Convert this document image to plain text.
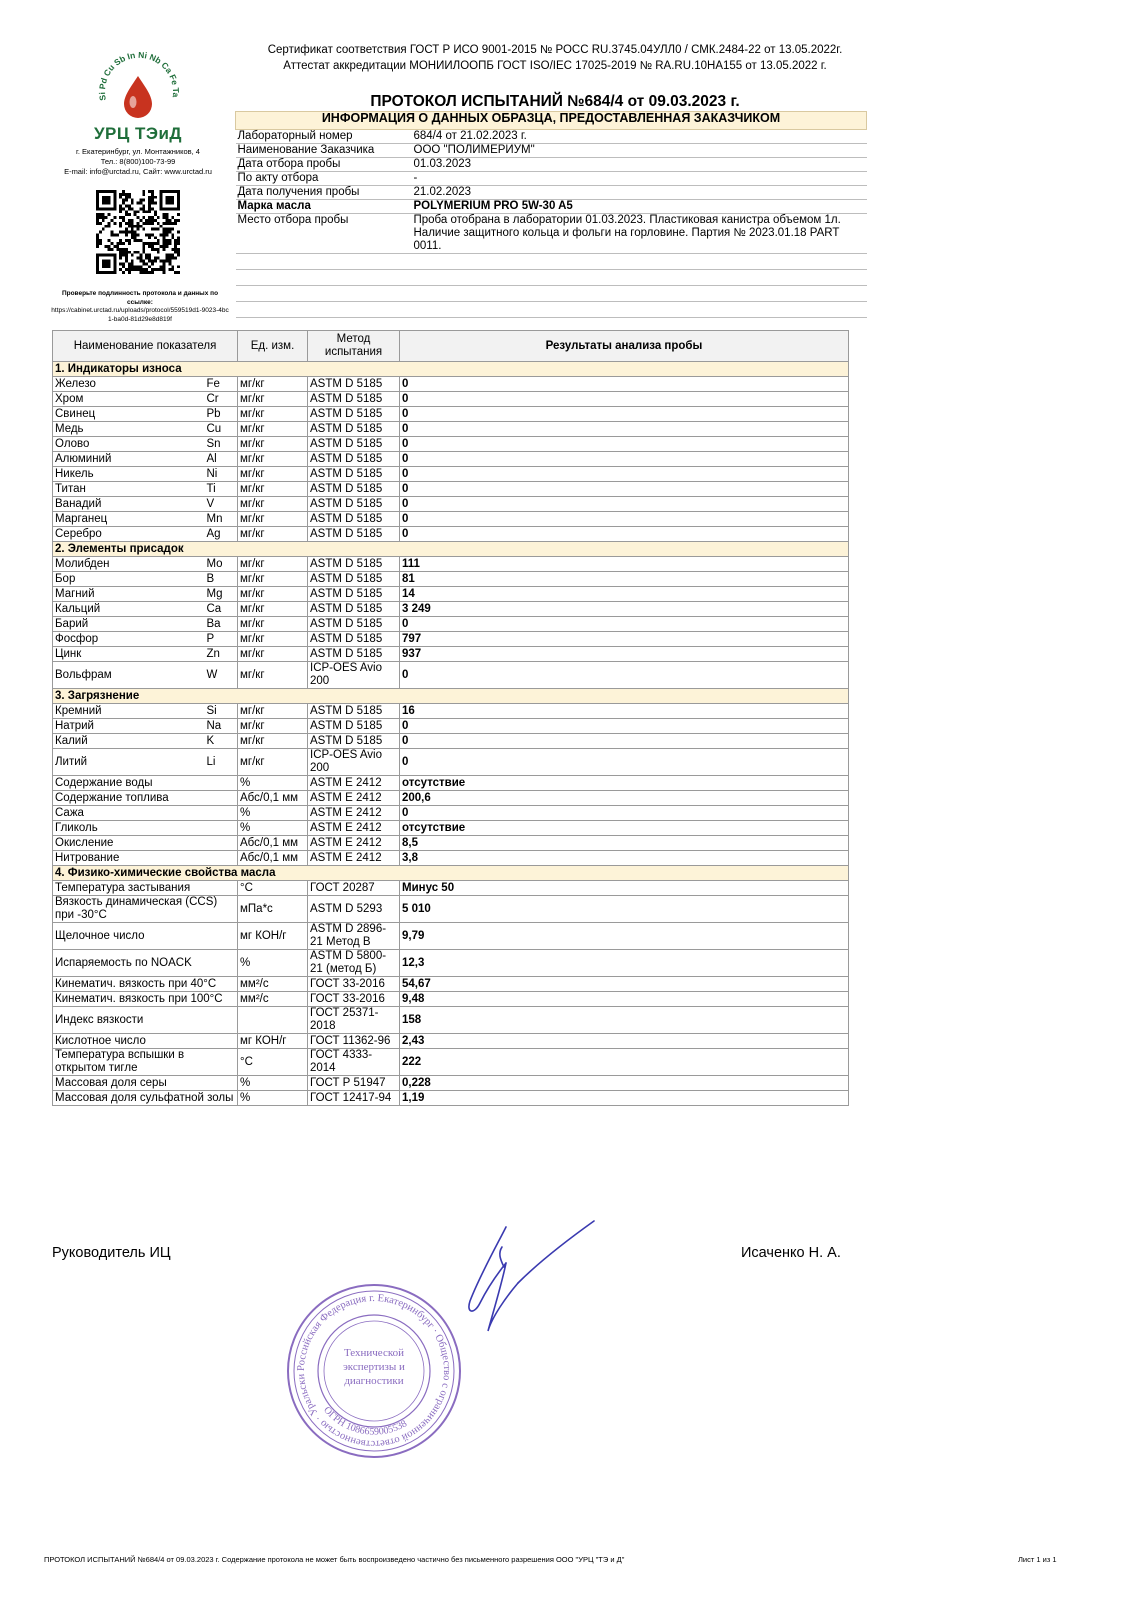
Сертификат соответствия ГОСТ Р ИСО 9001-2015 № РОСС RU.3745.04УЛЛ0 / СМК.2484-22 от 13.05.2022г.
Аттестат аккредитации МОНИИЛООПБ ГОСТ ISO/IEC 17025-2019 № RA.RU.10НА155 от 13.05.2022 г.
ПРОТОКОЛ ИСПЫТАНИЙ №684/4 от 09.03.2023 г.
Si Pd Cu Sb In Ni Nb Ca Fe Ta
УРЦ ТЭиД
г. Екатеринбург, ул. Монтажников, 4
Тел.: 8(800)100-73-99
E-mail: info@urctad.ru, Сайт: www.urctad.ru
Проверьте подлинность протокола и данных по ссылке:
https://cabinet.urctad.ru/uploads/protocol/559519d1-9023-4bc1-ba0d-81d29e8d819f
ИНФОРМАЦИЯ О ДАННЫХ ОБРАЗЦА, ПРЕДОСТАВЛЕННАЯ ЗАКАЗЧИКОМ	
Лабораторный номер	684/4 от 21.02.2023 г.
Наименование Заказчика	ООО "ПОЛИМЕРИУМ"
Дата отбора пробы	01.03.2023
По акту отбора	-
Дата получения пробы	21.02.2023
Марка масла	POLYMERIUM PRO 5W-30 A5
Место отбора пробы	Проба отобрана в лаборатории 01.03.2023. Пластиковая канистра объемом 1л. Наличие защитного кольца и фольги на горловине. Партия № 2023.01.18 PART 0011.

Наименование показателя		Ед. изм.	Метод испытания	Результаты анализа пробы
1. Индикаторы износа				
Железо	Fe	мг/кг	ASTM D 5185	0
Хром	Cr	мг/кг	ASTM D 5185	0
Свинец	Pb	мг/кг	ASTM D 5185	0
Медь	Cu	мг/кг	ASTM D 5185	0
Олово	Sn	мг/кг	ASTM D 5185	0
Алюминий	Al	мг/кг	ASTM D 5185	0
Никель	Ni	мг/кг	ASTM D 5185	0
Титан	Ti	мг/кг	ASTM D 5185	0
Ванадий	V	мг/кг	ASTM D 5185	0
Марганец	Mn	мг/кг	ASTM D 5185	0
Серебро	Ag	мг/кг	ASTM D 5185	0
2. Элементы присадок				
Молибден	Mo	мг/кг	ASTM D 5185	111
Бор	B	мг/кг	ASTM D 5185	81
Магний	Mg	мг/кг	ASTM D 5185	14
Кальций	Ca	мг/кг	ASTM D 5185	3 249
Барий	Ba	мг/кг	ASTM D 5185	0
Фосфор	P	мг/кг	ASTM D 5185	797
Цинк	Zn	мг/кг	ASTM D 5185	937
Вольфрам	W	мг/кг	ICP-OES Avio 200	0
3. Загрязнение				
Кремний	Si	мг/кг	ASTM D 5185	16
Натрий	Na	мг/кг	ASTM D 5185	0
Калий	K	мг/кг	ASTM D 5185	0
Литий	Li	мг/кг	ICP-OES Avio 200	0
Содержание воды		%	ASTM E 2412	отсутствие
Содержание топлива		Абс/0,1 мм	ASTM E 2412	200,6
Сажа		%	ASTM E 2412	0
Гликоль		%	ASTM E 2412	отсутствие
Окисление		Абс/0,1 мм	ASTM E 2412	8,5
Нитрование		Абс/0,1 мм	ASTM E 2412	3,8
4. Физико-химические свойства масла				
Температура застывания		°C	ГОСТ 20287	Минус 50
Вязкость динамическая (CCS) при -30°C		мПа*с	ASTM D 5293	5 010
Щелочное число		мг КОН/г	ASTM D 2896-21 Метод В	9,79
Испаряемость по NOACK		%	ASTM D 5800-21 (метод Б)	12,3
Кинематич. вязкость при 40°C		мм²/с	ГОСТ 33-2016	54,67
Кинематич. вязкость при 100°C		мм²/с	ГОСТ 33-2016	9,48
Индекс вязкости			ГОСТ 25371-2018	158
Кислотное число		мг КОН/г	ГОСТ 11362-96	2,43
Температура вспышки в открытом тигле		°C	ГОСТ 4333-2014	222
Массовая доля серы		%	ГОСТ Р 51947	0,228
Массовая доля сульфатной золы		%	ГОСТ 12417-94	1,19
Руководитель ИЦ	Исаченко Н. А.
Российская Федерация г. Екатеринбург · Общество с ограниченной ответственностью · Уральски
ОГРН 1086659005538
Технической экспертизы и диагностики
ПРОТОКОЛ ИСПЫТАНИЙ №684/4 от 09.03.2023 г. Содержание протокола не может быть воспроизведено частично без письменного разрешения ООО "УРЦ "ТЭ и Д"	Лист 1 из 1
